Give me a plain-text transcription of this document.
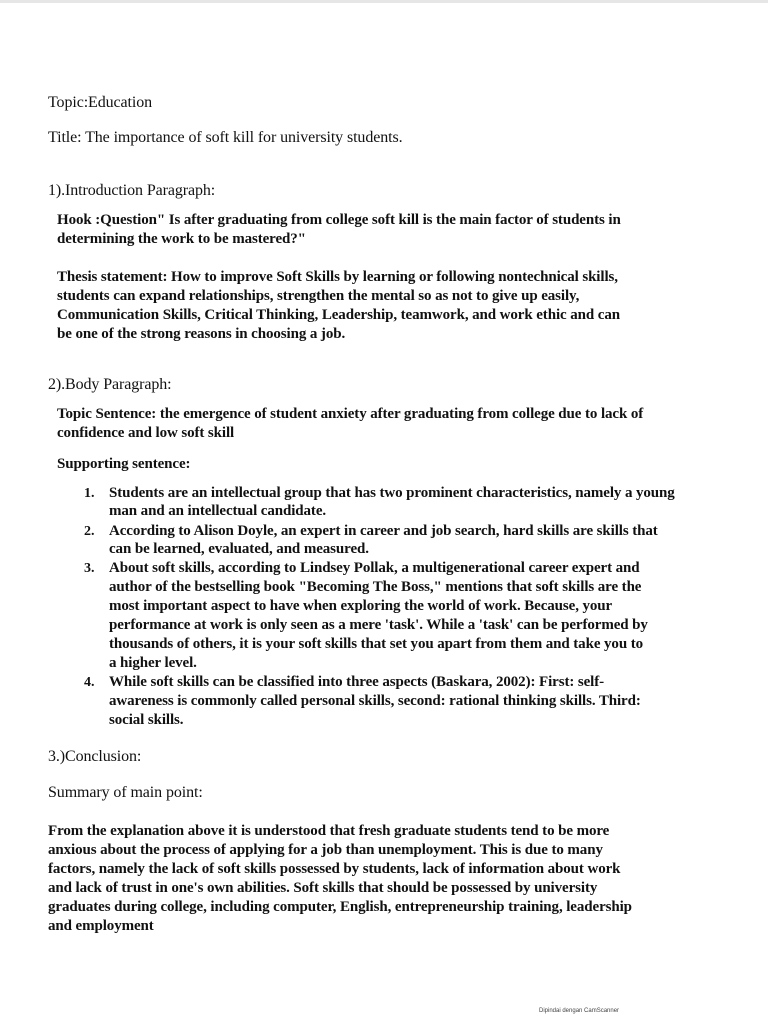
Topic:Education
Title: The importance of soft kill for university students.
1).Introduction Paragraph:
Hook :Question" Is after graduating from college soft kill is the main factor of students in
determining the work to be mastered?"
Thesis statement: How to improve Soft Skills by learning or following nontechnical skills,
students can expand relationships, strengthen the mental so as not to give up easily,
Communication Skills, Critical Thinking, Leadership, teamwork, and work ethic and can
be one of the strong reasons in choosing a job.
2).Body Paragraph:
Topic Sentence: the emergence of student anxiety after graduating from college due to lack of
confidence and low soft skill
Supporting sentence:
1. Students are an intellectual group that has two prominent characteristics, namely a young
man and an intellectual candidate.
2. According to Alison Doyle, an expert in career and job search, hard skills are skills that
can be learned, evaluated, and measured.
3. About soft skills, according to Lindsey Pollak, a multigenerational career expert and
author of the bestselling book "Becoming The Boss," mentions that soft skills are the
most important aspect to have when exploring the world of work. Because, your
performance at work is only seen as a mere 'task'. While a 'task' can be performed by
thousands of others, it is your soft skills that set you apart from them and take you to
a higher level.
4. While soft skills can be classified into three aspects (Baskara, 2002): First: self-
awareness is commonly called personal skills, second: rational thinking skills. Third:
social skills.
3.)Conclusion:
Summary of main point:
From the explanation above it is understood that fresh graduate students tend to be more
anxious about the process of applying for a job than unemployment. This is due to many
factors, namely the lack of soft skills possessed by students, lack of information about work
and lack of trust in one's own abilities. Soft skills that should be possessed by university
graduates during college, including computer, English, entrepreneurship training, leadership
and employment
Dipindai dengan CamScanner
